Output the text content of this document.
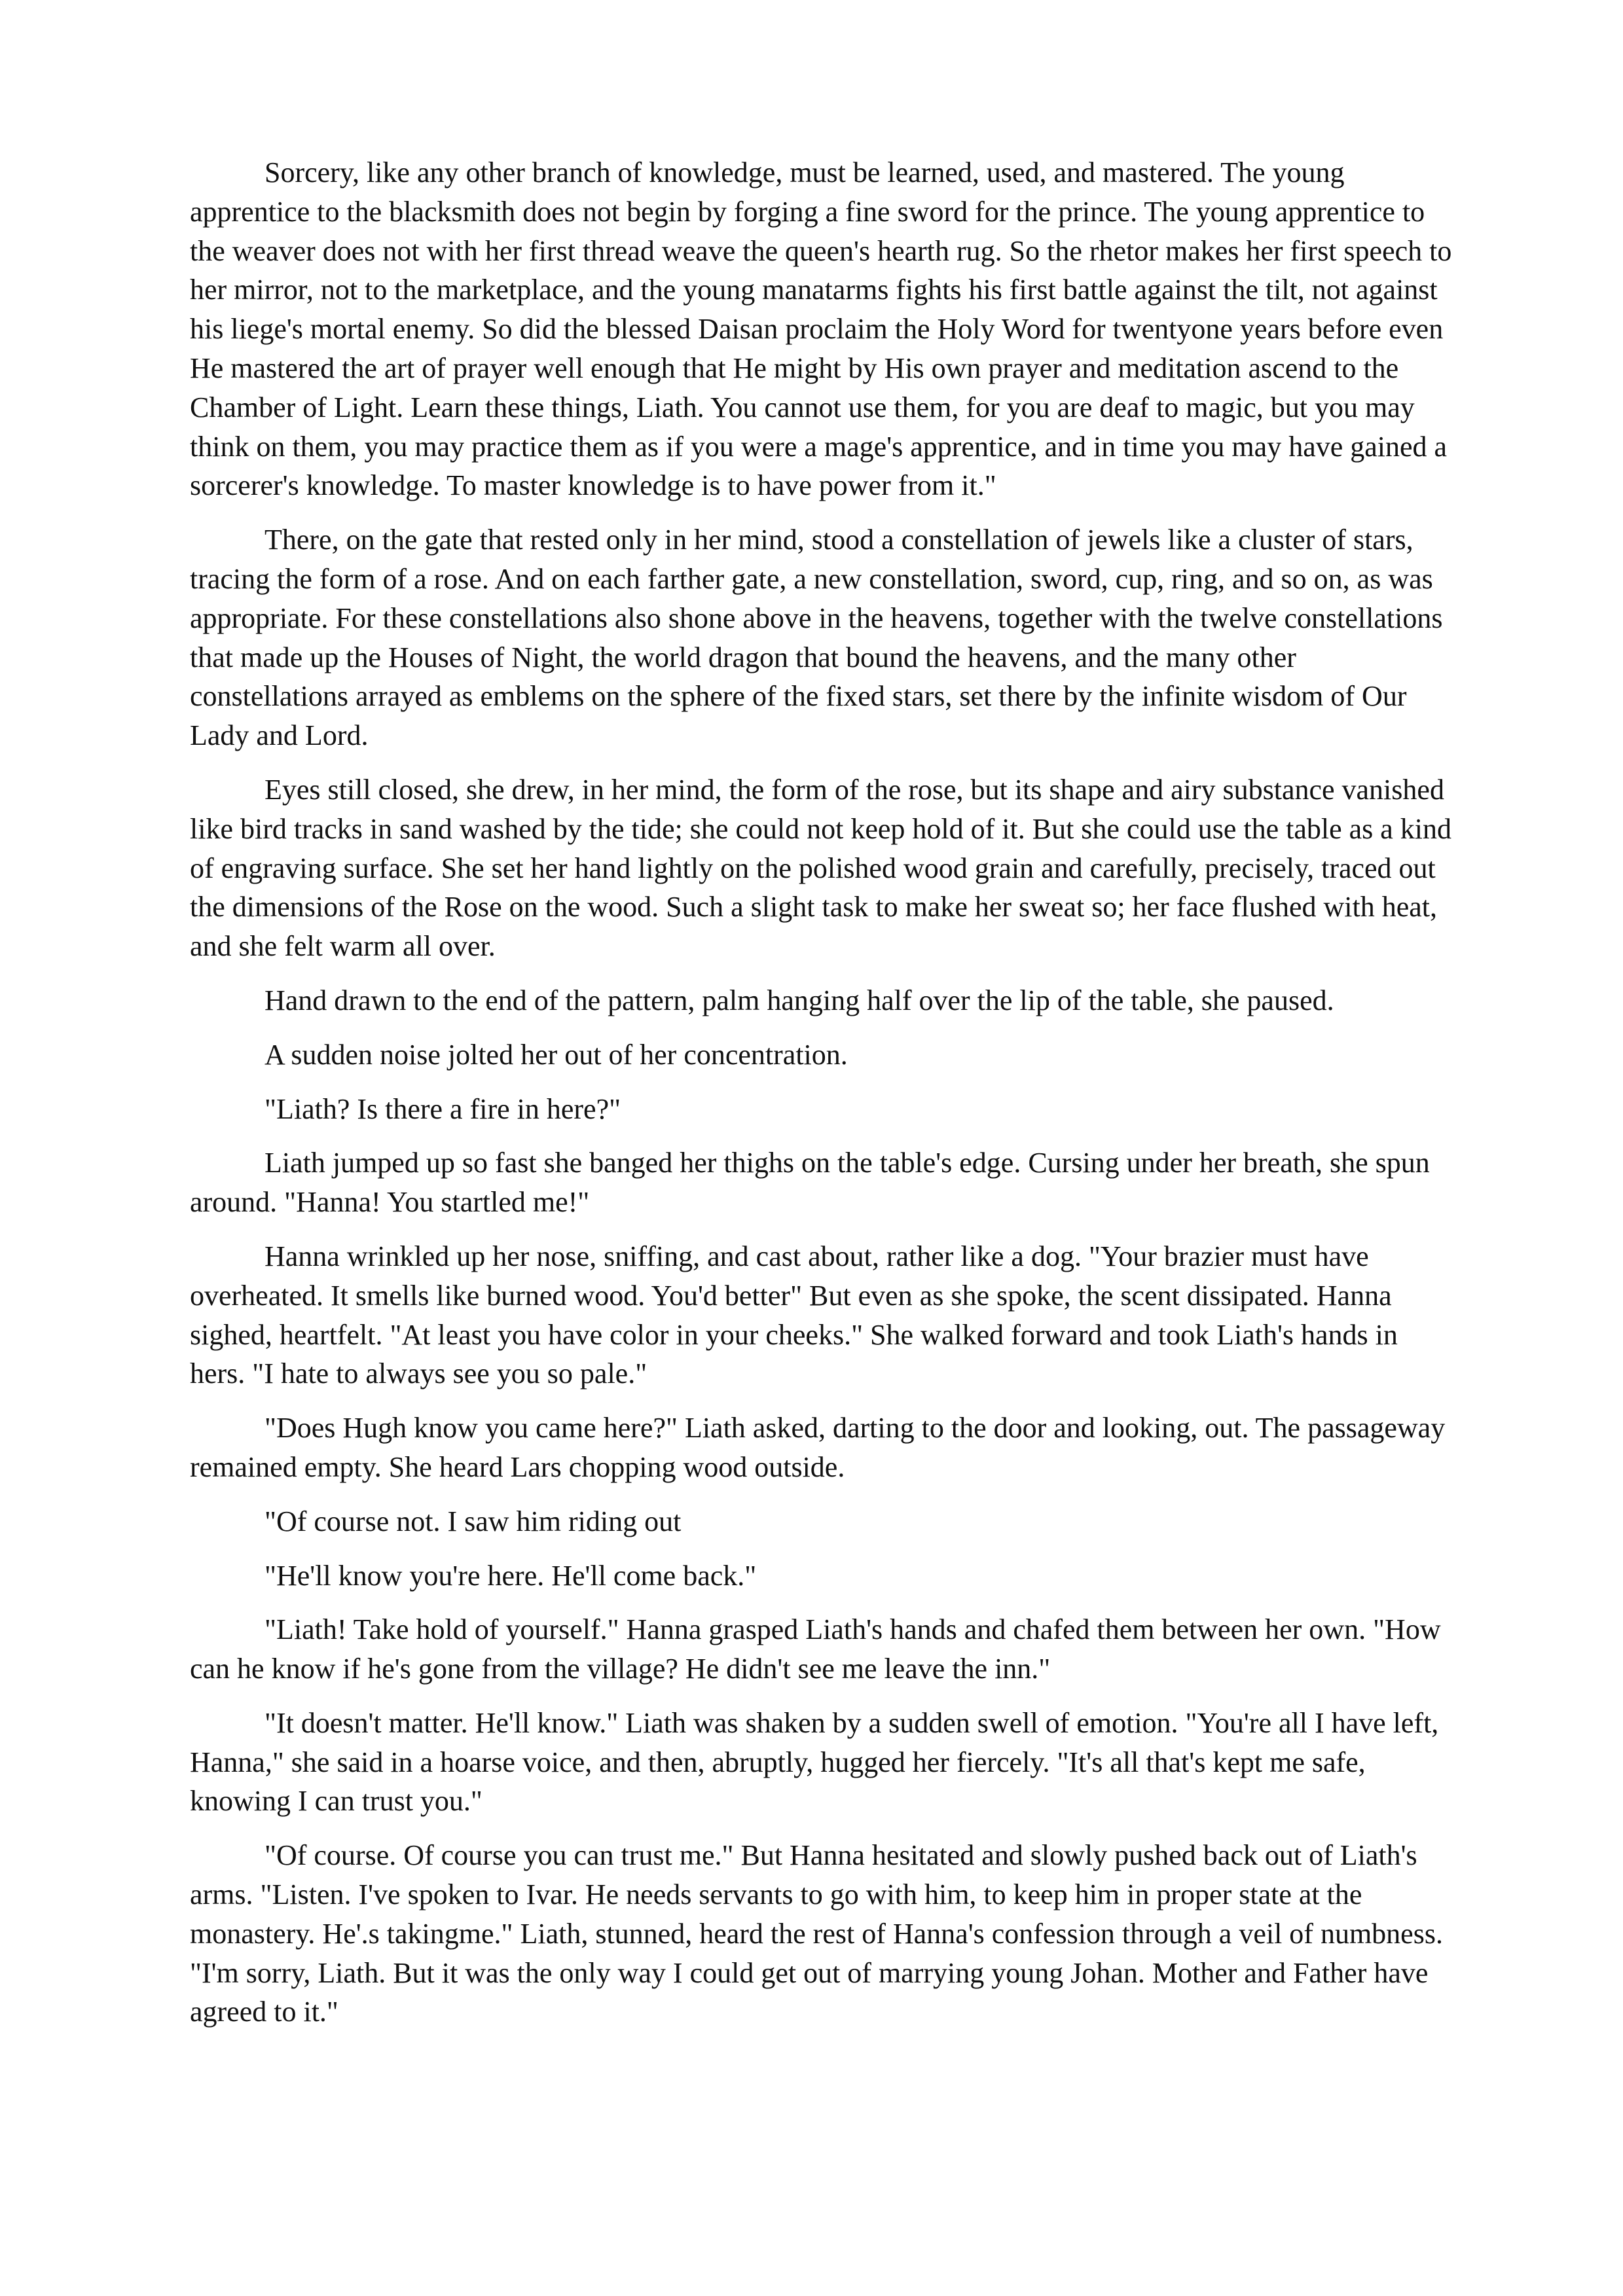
Sorcery, like any other branch of knowledge, must be learned, used, and mastered. The young apprentice to the blacksmith does not begin by forging a fine sword for the prince. The young apprentice to the weaver does not with her first thread weave the queen's hearth rug. So the rhetor makes her first speech to her mirror, not to the marketplace, and the young manatarms fights his first battle against the tilt, not against his liege's mortal enemy. So did the blessed Daisan proclaim the Holy Word for twentyone years before even He mastered the art of prayer well enough that He might by His own prayer and meditation ascend to the Chamber of Light. Learn these things, Liath. You cannot use them, for you are deaf to magic, but you may think on them, you may practice them as if you were a mage's apprentice, and in time you may have gained a sorcerer's knowledge. To master knowledge is to have power from it."

There, on the gate that rested only in her mind, stood a constellation of jewels like a cluster of stars, tracing the form of a rose. And on each farther gate, a new constellation, sword, cup, ring, and so on, as was appropriate. For these constellations also shone above in the heavens, together with the twelve constellations that made up the Houses of Night, the world dragon that bound the heavens, and the many other constellations arrayed as emblems on the sphere of the fixed stars, set there by the infinite wisdom of Our Lady and Lord.

Eyes still closed, she drew, in her mind, the form of the rose, but its shape and airy substance vanished like bird tracks in sand washed by the tide; she could not keep hold of it. But she could use the table as a kind of engraving surface. She set her hand lightly on the polished wood grain and carefully, precisely, traced out the dimensions of the Rose on the wood. Such a slight task to make her sweat so; her face flushed with heat, and she felt warm all over.

Hand drawn to the end of the pattern, palm hanging half over the lip of the table, she paused.

A sudden noise jolted her out of her concentration.

"Liath? Is there a fire in here?"

Liath jumped up so fast she banged her thighs on the table's edge. Cursing under her breath, she spun around. "Hanna! You startled me!"

Hanna wrinkled up her nose, sniffing, and cast about, rather like a dog. "Your brazier must have overheated. It smells like burned wood. You'd better" But even as she spoke, the scent dissipated. Hanna sighed, heartfelt. "At least you have color in your cheeks." She walked forward and took Liath's hands in hers. "I hate to always see you so pale."

"Does Hugh know you came here?" Liath asked, darting to the door and looking, out. The passageway remained empty. She heard Lars chopping wood outside.

"Of course not. I saw him riding out

"He'll know you're here. He'll come back."

"Liath! Take hold of yourself." Hanna grasped Liath's hands and chafed them between her own. "How can he know if he's gone from the village? He didn't see me leave the inn."

"It doesn't matter. He'll know." Liath was shaken by a sudden swell of emotion. "You're all I have left, Hanna," she said in a hoarse voice, and then, abruptly, hugged her fiercely. "It's all that's kept me safe, knowing I can trust you."

"Of course. Of course you can trust me." But Hanna hesitated and slowly pushed back out of Liath's arms. "Listen. I've spoken to Ivar. He needs servants to go with him, to keep him in proper state at the monastery. He'.s takingme." Liath, stunned, heard the rest of Hanna's confession through a veil of numbness. "I'm sorry, Liath. But it was the only way I could get out of marrying young Johan. Mother and Father have agreed to it."
